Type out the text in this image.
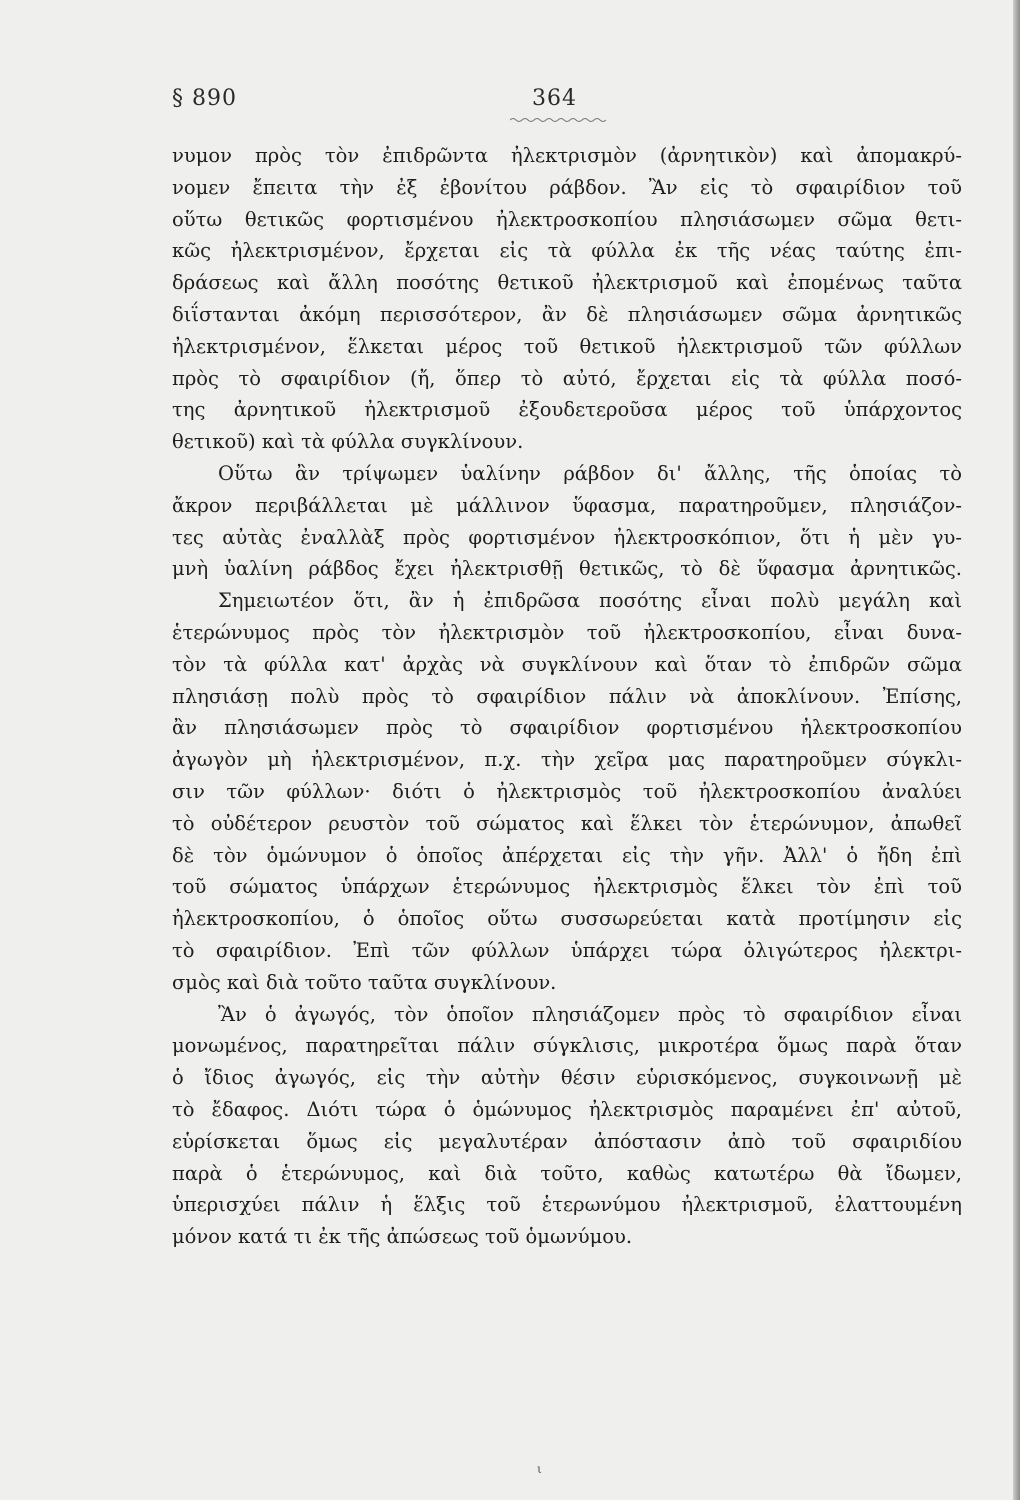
§ 890	364
νυμον πρὸς τὸν ἐπιδρῶντα ἠλεκτρισμὸν (ἀρνητικὸν) καὶ ἀπομακρύ-
νομεν ἔπειτα τὴν ἐξ ἐβονίτου ράβδον. Ἂν εἰς τὸ σφαιρίδιον τοῦ
οὕτω θετικῶς φορτισμένου ἠλεκτροσκοπίου πλησιάσωμεν σῶμα θετι-
κῶς ἠλεκτρισμένον, ἔρχεται εἰς τὰ φύλλα ἐκ τῆς νέας ταύτης ἐπι-
δράσεως καὶ ἄλλη ποσότης θετικοῦ ἠλεκτρισμοῦ καὶ ἐπομένως ταῦτα
διΐστανται ἀκόμη περισσότερον, ἂν δὲ πλησιάσωμεν σῶμα ἀρνητικῶς
ἠλεκτρισμένον, ἕλκεται μέρος τοῦ θετικοῦ ἠλεκτρισμοῦ τῶν φύλλων
πρὸς τὸ σφαιρίδιον (ἤ, ὅπερ τὸ αὐτό, ἔρχεται εἰς τὰ φύλλα ποσό-
της ἀρνητικοῦ ἠλεκτρισμοῦ ἐξουδετεροῦσα μέρος τοῦ ὑπάρχοντος
θετικοῦ) καὶ τὰ φύλλα συγκλίνουν.
Οὕτω ἂν τρίψωμεν ὑαλίνην ράβδον δι' ἄλλης, τῆς ὁποίας τὸ
ἄκρον περιβάλλεται μὲ μάλλινον ὕφασμα, παρατηροῦμεν, πλησιάζον-
τες αὐτὰς ἐναλλὰξ πρὸς φορτισμένον ἠλεκτροσκόπιον, ὅτι ἡ μὲν γυ-
μνὴ ὑαλίνη ράβδος ἔχει ἠλεκτρισθῇ θετικῶς, τὸ δὲ ὕφασμα ἀρνητικῶς.
Σημειωτέον ὅτι, ἂν ἡ ἐπιδρῶσα ποσότης εἶναι πολὺ μεγάλη καὶ
ἑτερώνυμος πρὸς τὸν ἠλεκτρισμὸν τοῦ ἠλεκτροσκοπίου, εἶναι δυνα-
τὸν τὰ φύλλα κατ' ἀρχὰς νὰ συγκλίνουν καὶ ὅταν τὸ ἐπιδρῶν σῶμα
πλησιάσῃ πολὺ πρὸς τὸ σφαιρίδιον πάλιν νὰ ἀποκλίνουν. Ἐπίσης,
ἂν πλησιάσωμεν πρὸς τὸ σφαιρίδιον φορτισμένου ἠλεκτροσκοπίου
ἀγωγὸν μὴ ἠλεκτρισμένον, π.χ. τὴν χεῖρα μας παρατηροῦμεν σύγκλι-
σιν τῶν φύλλων· διότι ὁ ἠλεκτρισμὸς τοῦ ἠλεκτροσκοπίου ἀναλύει
τὸ οὐδέτερον ρευστὸν τοῦ σώματος καὶ ἕλκει τὸν ἑτερώνυμον, ἀπωθεῖ
δὲ τὸν ὁμώνυμον ὁ ὁποῖος ἀπέρχεται εἰς τὴν γῆν. Ἀλλ' ὁ ἤδη ἐπὶ
τοῦ σώματος ὑπάρχων ἑτερώνυμος ἠλεκτρισμὸς ἕλκει τὸν ἐπὶ τοῦ
ἠλεκτροσκοπίου, ὁ ὁποῖος οὕτω συσσωρεύεται κατὰ προτίμησιν εἰς
τὸ σφαιρίδιον. Ἐπὶ τῶν φύλλων ὑπάρχει τώρα ὀλιγώτερος ἠλεκτρι-
σμὸς καὶ διὰ τοῦτο ταῦτα συγκλίνουν.
Ἂν ὁ ἀγωγός, τὸν ὁποῖον πλησιάζομεν πρὸς τὸ σφαιρίδιον εἶναι
μονωμένος, παρατηρεῖται πάλιν σύγκλισις, μικροτέρα ὅμως παρὰ ὅταν
ὁ ἴδιος ἀγωγός, εἰς τὴν αὐτὴν θέσιν εὑρισκόμενος, συγκοινωνῇ μὲ
τὸ ἔδαφος. Διότι τώρα ὁ ὁμώνυμος ἠλεκτρισμὸς παραμένει ἐπ' αὐτοῦ,
εὑρίσκεται ὅμως εἰς μεγαλυτέραν ἀπόστασιν ἀπὸ τοῦ σφαιριδίου
παρὰ ὁ ἑτερώνυμος, καὶ διὰ τοῦτο, καθὼς κατωτέρω θὰ ἴδωμεν,
ὑπερισχύει πάλιν ἡ ἕλξις τοῦ ἑτερωνύμου ἠλεκτρισμοῦ, ἐλαττουμένη
μόνον κατά τι ἐκ τῆς ἀπώσεως τοῦ ὁμωνύμου.
ι
